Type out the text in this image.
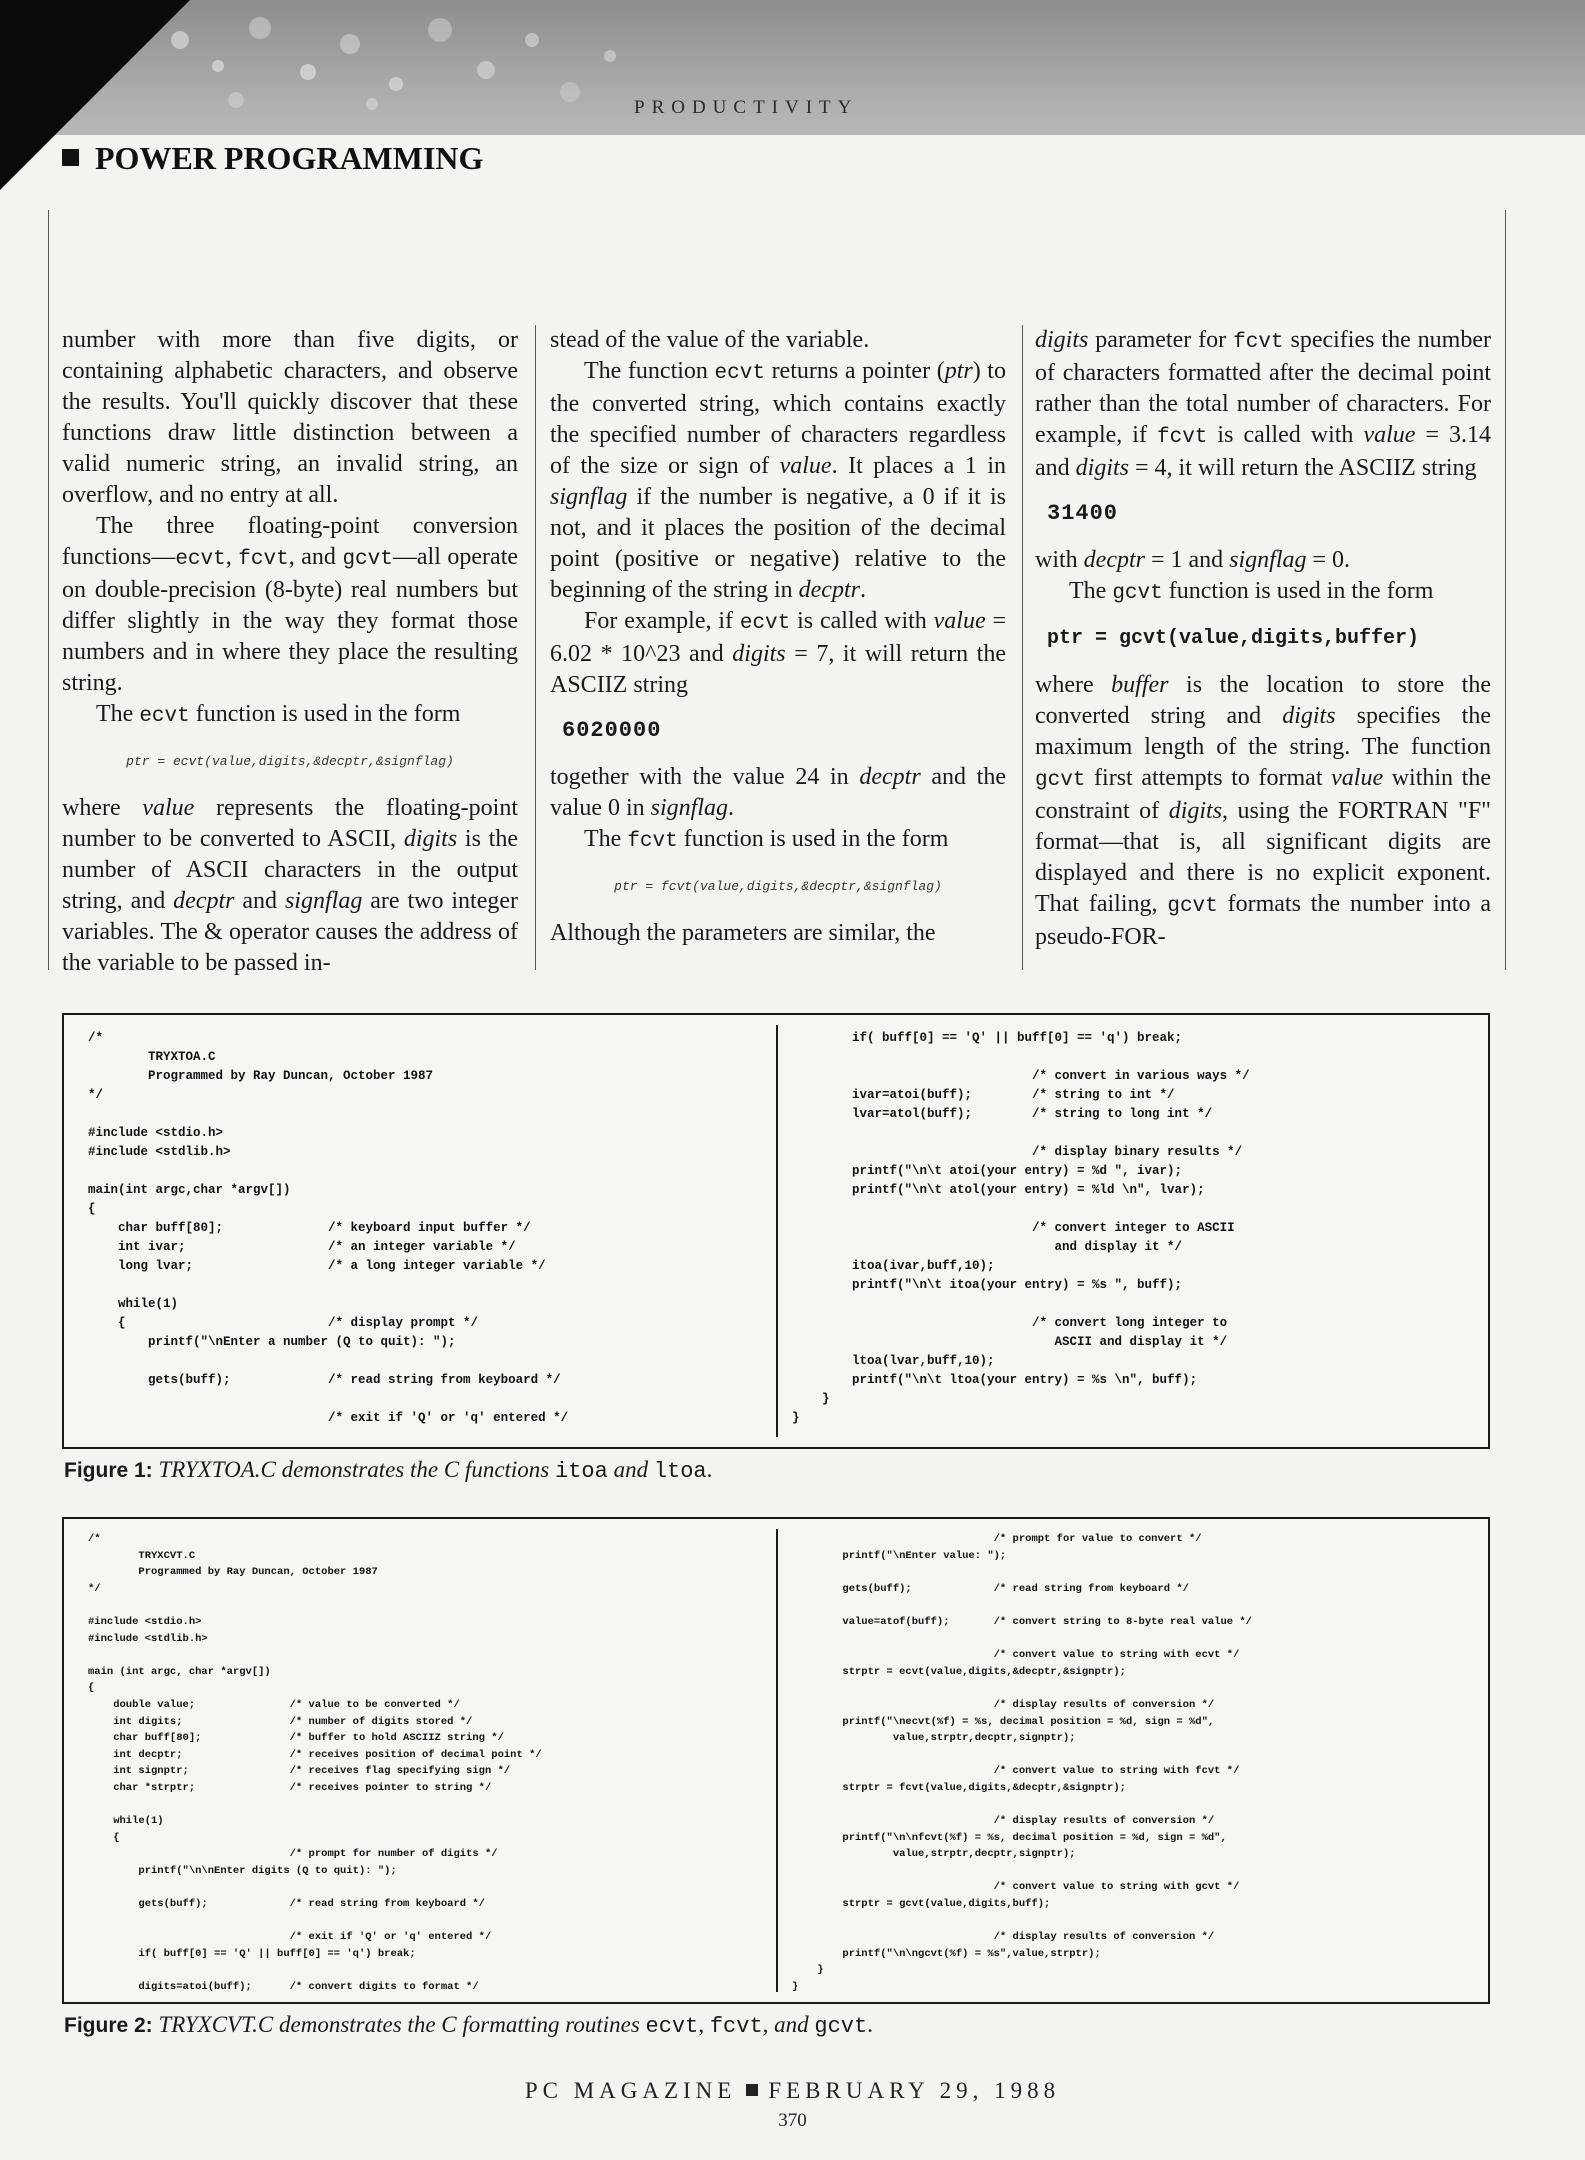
PRODUCTIVITY
POWER PROGRAMMING

number with more than five digits, or containing alphabetic characters, and observe the results. You'll quickly discover that these functions draw little distinction between a valid numeric string, an invalid string, an overflow, and no entry at all.

The three floating-point conversion functions—ecvt, fcvt, and gcvt—all operate on double-precision (8-byte) real numbers but differ slightly in the way they format those numbers and in where they place the resulting string.

The ecvt function is used in the form

ptr = ecvt(value,digits,&decptr,&signflag)

where value represents the floating-point number to be converted to ASCII, digits is the number of ASCII characters in the output string, and decptr and signflag are two integer variables. The & operator causes the address of the variable to be passed in-

stead of the value of the variable.

The function ecvt returns a pointer (ptr) to the converted string, which contains exactly the specified number of characters regardless of the size or sign of value. It places a 1 in signflag if the number is negative, a 0 if it is not, and it places the position of the decimal point (positive or negative) relative to the beginning of the string in decptr.

For example, if ecvt is called with value = 6.02 * 10^23 and digits = 7, it will return the ASCIIZ string

6020000

together with the value 24 in decptr and the value 0 in signflag.

The fcvt function is used in the form

ptr = fcvt(value,digits,&decptr,&signflag)

Although the parameters are similar, the

digits parameter for fcvt specifies the number of characters formatted after the decimal point rather than the total number of characters. For example, if fcvt is called with value = 3.14 and digits = 4, it will return the ASCIIZ string

31400

with decptr = 1 and signflag = 0.

The gcvt function is used in the form

ptr = gcvt(value,digits,buffer)

where buffer is the location to store the converted string and digits specifies the maximum length of the string. The function gcvt first attempts to format value within the constraint of digits, using the FORTRAN "F" format—that is, all significant digits are displayed and there is no explicit exponent. That failing, gcvt formats the number into a pseudo-FOR-

/*
TRYXTOA.C
Programmed by Ray Duncan, October 1987
*/

#include <stdio.h>
#include <stdlib.h>

main(int argc,char *argv[])
{
char buff[80];              /* keyboard input buffer */
int ivar;                   /* an integer variable */
long lvar;                  /* a long integer variable */

while(1)
{                           /* display prompt */
printf("\nEnter a number (Q to quit): ");

gets(buff);             /* read string from keyboard */

/* exit if 'Q' or 'q' entered */
if( buff[0] == 'Q' || buff[0] == 'q') break;

/* convert in various ways */
ivar=atoi(buff);        /* string to int */
lvar=atol(buff);        /* string to long int */

/* display binary results */
printf("\n\t atoi(your entry) = %d ", ivar);
printf("\n\t atol(your entry) = %ld \n", lvar);

/* convert integer to ASCII
and display it */
itoa(ivar,buff,10);
printf("\n\t itoa(your entry) = %s ", buff);

/* convert long integer to
ASCII and display it */
ltoa(lvar,buff,10);
printf("\n\t ltoa(your entry) = %s \n", buff);
}
}
Figure 1: TRYXTOA.C demonstrates the C functions itoa and ltoa.
/*
TRYXCVT.C
Programmed by Ray Duncan, October 1987
*/

#include <stdio.h>
#include <stdlib.h>

main (int argc, char *argv[])
{
double value;               /* value to be converted */
int digits;                 /* number of digits stored */
char buff[80];              /* buffer to hold ASCIIZ string */
int decptr;                 /* receives position of decimal point */
int signptr;                /* receives flag specifying sign */
char *strptr;               /* receives pointer to string */

while(1)
{
/* prompt for number of digits */
printf("\n\nEnter digits (Q to quit): ");

gets(buff);             /* read string from keyboard */

/* exit if 'Q' or 'q' entered */
if( buff[0] == 'Q' || buff[0] == 'q') break;

digits=atoi(buff);      /* convert digits to format */
/* prompt for value to convert */
printf("\nEnter value: ");

gets(buff);             /* read string from keyboard */

value=atof(buff);       /* convert string to 8-byte real value */

/* convert value to string with ecvt */
strptr = ecvt(value,digits,&decptr,&signptr);

/* display results of conversion */
printf("\necvt(%f) = %s, decimal position = %d, sign = %d",
value,strptr,decptr,signptr);

/* convert value to string with fcvt */
strptr = fcvt(value,digits,&decptr,&signptr);

/* display results of conversion */
printf("\n\nfcvt(%f) = %s, decimal position = %d, sign = %d",
value,strptr,decptr,signptr);

/* convert value to string with gcvt */
strptr = gcvt(value,digits,buff);

/* display results of conversion */
printf("\n\ngcvt(%f) = %s",value,strptr);
}
}
Figure 2: TRYXCVT.C demonstrates the C formatting routines ecvt, fcvt, and gcvt.
PC MAGAZINE FEBRUARY 29, 1988
370
